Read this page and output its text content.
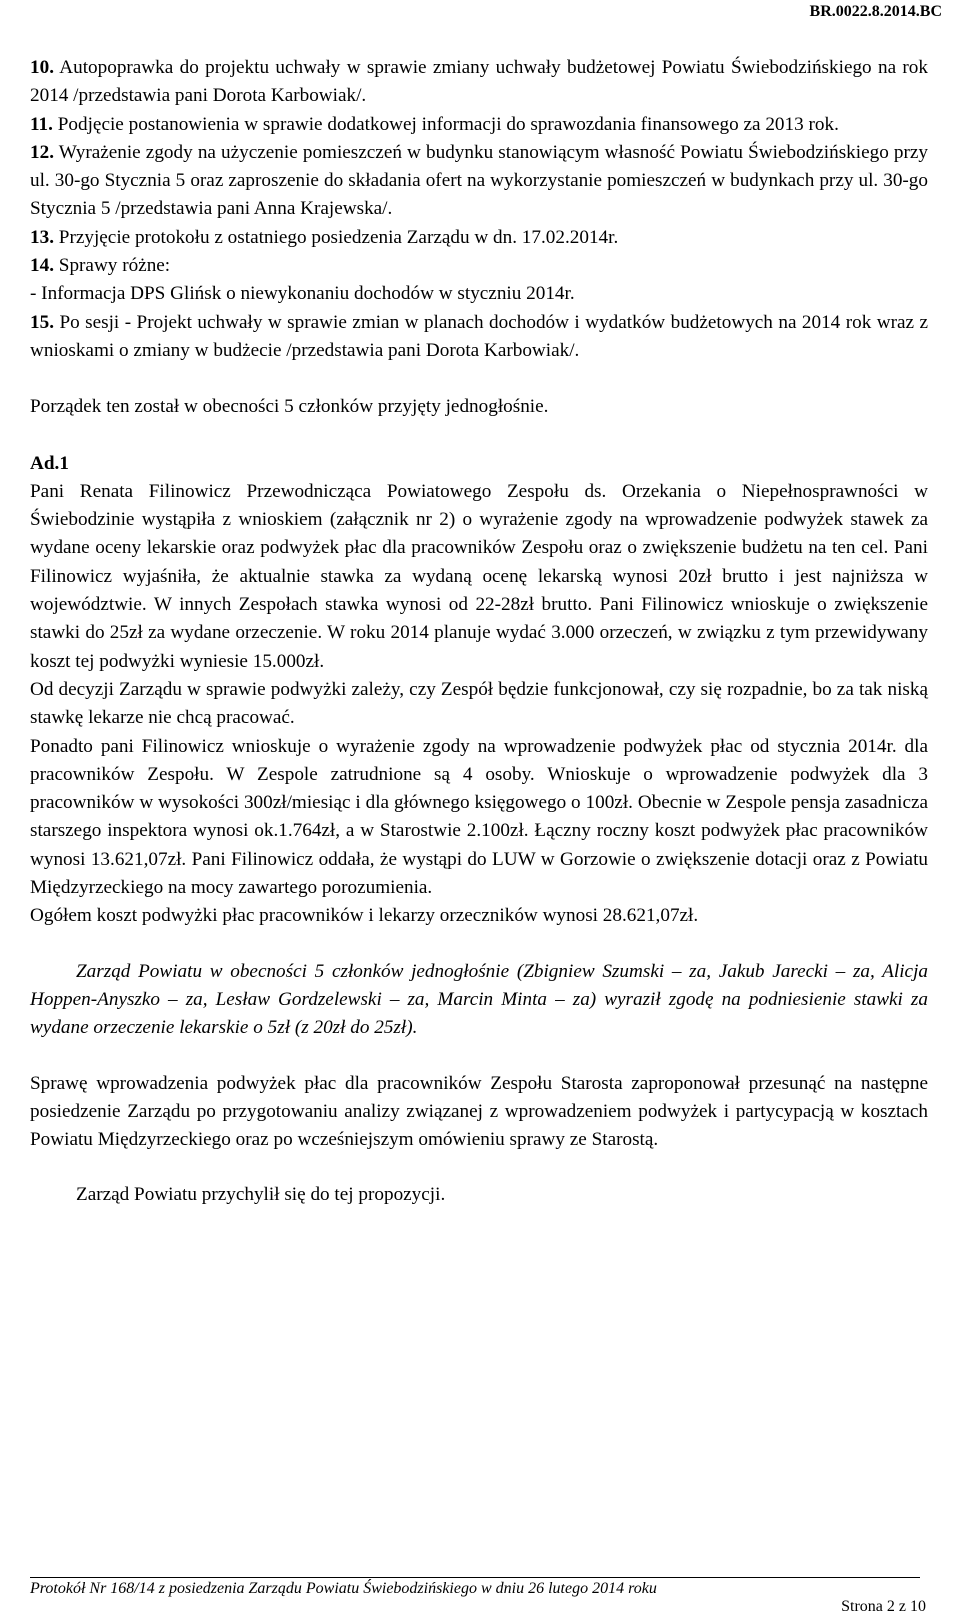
BR.0022.8.2014.BC

10. Autopoprawka do projektu uchwały w sprawie zmiany uchwały budżetowej Powiatu Świebodzińskiego na rok 2014 /przedstawia pani Dorota Karbowiak/.

11. Podjęcie postanowienia w sprawie dodatkowej informacji do sprawozdania finansowego za 2013 rok.

12. Wyrażenie zgody na użyczenie pomieszczeń w budynku stanowiącym własność Powiatu Świebodzińskiego przy ul. 30-go Stycznia 5 oraz zaproszenie do składania ofert na wykorzystanie pomieszczeń w budynkach przy ul. 30-go Stycznia 5 /przedstawia pani Anna Krajewska/.

13. Przyjęcie protokołu z ostatniego posiedzenia Zarządu w dn. 17.02.2014r.

14. Sprawy różne:

- Informacja DPS Glińsk o niewykonaniu dochodów w styczniu 2014r.

15. Po sesji - Projekt uchwały w sprawie zmian w planach dochodów i wydatków budżetowych na 2014 rok wraz z wnioskami o zmiany w budżecie /przedstawia pani Dorota Karbowiak/.

Porządek ten został w obecności 5 członków przyjęty jednogłośnie.

Ad.1

Pani Renata Filinowicz Przewodnicząca Powiatowego Zespołu ds. Orzekania o Niepełnosprawności w Świebodzinie wystąpiła z wnioskiem (załącznik nr 2) o wyrażenie zgody na wprowadzenie podwyżek stawek za wydane oceny lekarskie oraz podwyżek płac dla pracowników Zespołu oraz o zwiększenie budżetu na ten cel. Pani Filinowicz wyjaśniła, że aktualnie stawka za wydaną ocenę lekarską wynosi 20zł brutto i jest najniższa w województwie. W innych Zespołach stawka wynosi od 22-28zł brutto. Pani Filinowicz wnioskuje o zwiększenie stawki do 25zł za wydane orzeczenie. W roku 2014 planuje wydać 3.000 orzeczeń, w związku z tym przewidywany koszt tej podwyżki wyniesie 15.000zł.

Od decyzji Zarządu w sprawie podwyżki zależy, czy Zespół będzie funkcjonował, czy się rozpadnie, bo za tak niską stawkę lekarze nie chcą pracować.

Ponadto pani Filinowicz wnioskuje o wyrażenie zgody na wprowadzenie podwyżek płac od stycznia 2014r. dla pracowników Zespołu. W Zespole zatrudnione są 4 osoby. Wnioskuje o wprowadzenie podwyżek dla 3 pracowników w wysokości 300zł/miesiąc i dla głównego księgowego o 100zł. Obecnie w Zespole pensja zasadnicza starszego inspektora wynosi ok.1.764zł, a w Starostwie 2.100zł. Łączny roczny koszt podwyżek płac pracowników wynosi 13.621,07zł. Pani Filinowicz oddała, że wystąpi do LUW w Gorzowie o zwiększenie dotacji oraz z Powiatu Międzyrzeckiego na mocy zawartego porozumienia.

Ogółem koszt podwyżki płac pracowników i lekarzy orzeczników wynosi 28.621,07zł.

Zarząd Powiatu w obecności 5 członków jednogłośnie (Zbigniew Szumski – za, Jakub Jarecki – za, Alicja Hoppen-Anyszko – za, Lesław Gordzelewski – za, Marcin Minta – za) wyraził zgodę na podniesienie stawki za wydane orzeczenie lekarskie o 5zł (z 20zł do 25zł).

Sprawę wprowadzenia podwyżek płac dla pracowników Zespołu Starosta zaproponował przesunąć na następne posiedzenie Zarządu po przygotowaniu analizy związanej z wprowadzeniem podwyżek i partycypacją w kosztach Powiatu Międzyrzeckiego oraz po wcześniejszym omówieniu sprawy ze Starostą.

Zarząd Powiatu przychylił się do tej propozycji.

Protokół Nr 168/14 z posiedzenia Zarządu Powiatu Świebodzińskiego w dniu 26 lutego 2014 roku
Strona 2 z 10
